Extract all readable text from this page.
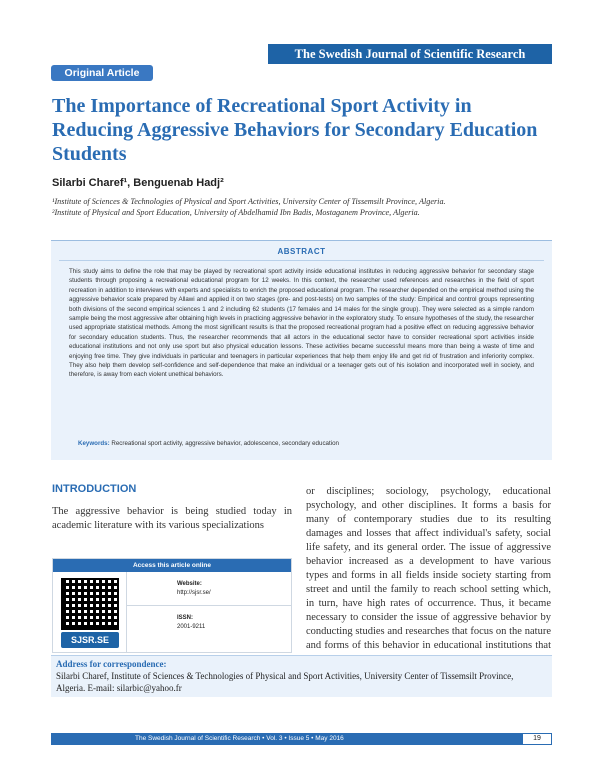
The Swedish Journal of Scientific Research
Original Article
The Importance of Recreational Sport Activity in Reducing Aggressive Behaviors for Secondary Education Students
Silarbi Charef¹, Benguenab Hadj²
¹Institute of Sciences & Technologies of Physical and Sport Activities, University Center of Tissemsilt Province, Algeria.
²Institute of Physical and Sport Education, University of Abdelhamid Ibn Badis, Mostaganem Province, Algeria.
ABSTRACT

This study aims to define the role that may be played by recreational sport activity inside educational institutes in reducing aggressive behavior for secondary stage students through proposing a recreational educational program for 12 weeks. In this context, the researcher used references and researches in the field of sport recreation in addition to interviews with experts and specialists to enrich the proposed educational program. The researcher depended on the empirical method using the aggressive behavior scale prepared by Allawi and applied it on two stages (pre- and post-tests) on two samples of the study: Empirical and control groups representing both divisions of the second empirical sciences 1 and 2 including 62 students (17 females and 14 males for the single group). They were selected as a simple random sample being the most aggressive after obtaining high levels in practicing aggressive behavior in the exploratory study. To ensure hypotheses of the study, the researcher used appropriate statistical methods. Among the most significant results is that the proposed recreational program had a positive effect on reducing aggressive behavior for secondary education students. Thus, the researcher recommends that all actors in the educational sector have to consider recreational sport activities inside educational institutions and not only use sport but also physical education lessons. These activities became successful means more than being a waste of time and enjoying free time. They give individuals in particular and teenagers in particular experiences that help them enjoy life and get rid of frustration and inferiority complex. They also help them develop self-confidence and self-dependence that make an individual or a teenager gets out of his isolation and incorporated well in society, and therefore, is away from each violent unethical behaviors.

Keywords: Recreational sport activity, aggressive behavior, adolescence, secondary education
INTRODUCTION

The aggressive behavior is being studied today in academic literature with its various specializations

Access this article online
SJSR.SE
Website:
http://sjsr.se/
ISSN:
2001-9211

or disciplines; sociology, psychology, educational psychology, and other disciplines. It forms a basis for many of contemporary studies due to its resulting damages and losses that affect individual's safety, social life safety, and its general order. The issue of aggressive behavior increased as a development to have various types and forms in all fields inside society starting from street and until the family to reach school setting which, in turn, have high rates of occurrence. Thus, it became necessary to consider the issue of aggressive behavior by conducting studies and researches that focus on the nature and forms of this behavior in educational institutions that

Address for correspondence:
Silarbi Charef, Institute of Sciences & Technologies of Physical and Sport Activities, University Center of Tissemsilt Province, Algeria. E-mail: silarbic@yahoo.fr
The Swedish Journal of Scientific Research • Vol. 3 • Issue 5 • May 2016	19
